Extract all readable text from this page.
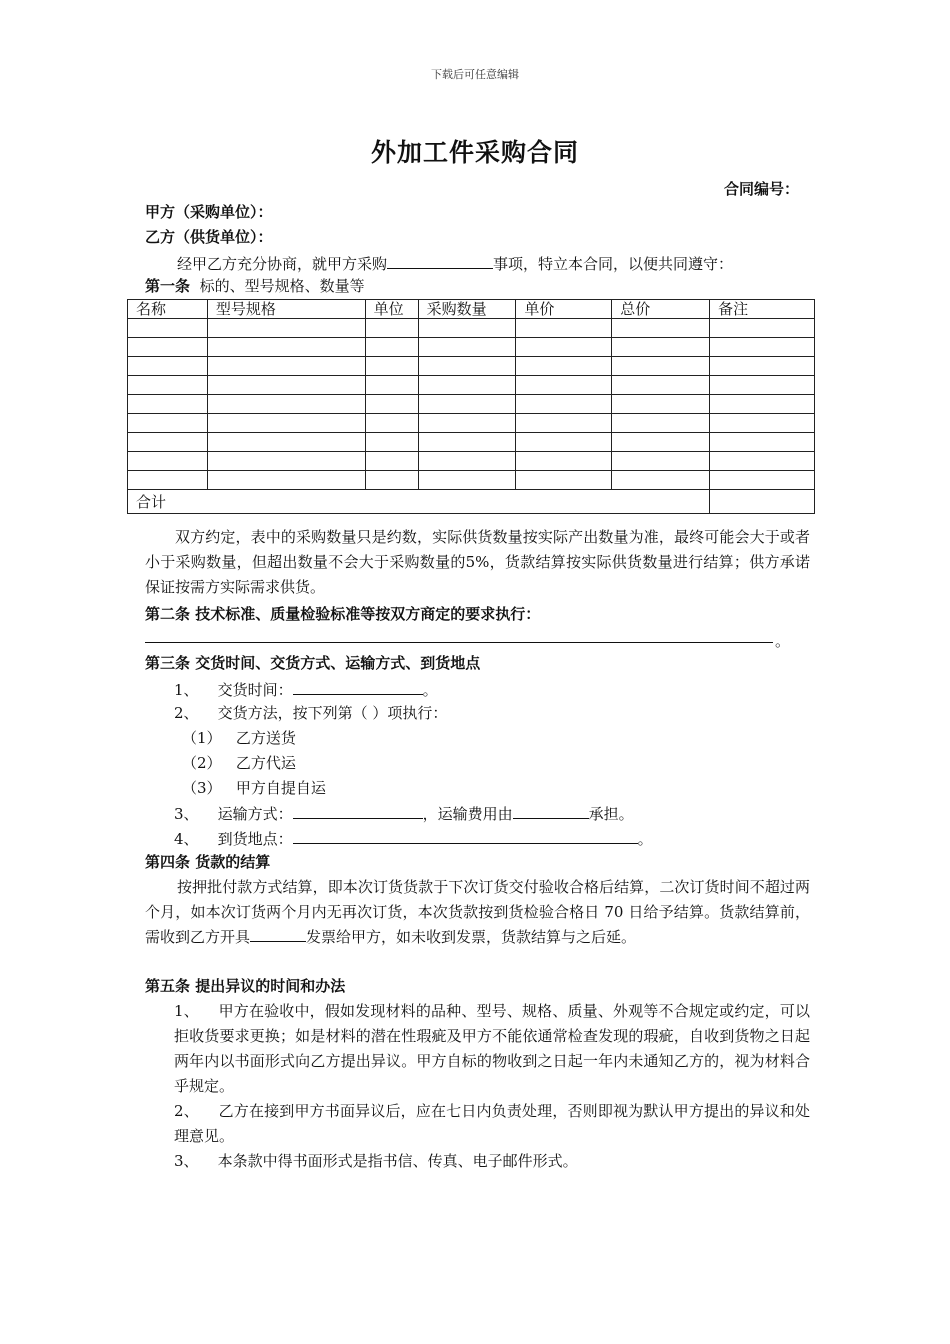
下载后可任意编辑
外加工件采购合同
合同编号：
甲方（采购单位）：
乙方（供货单位）：
经甲乙方充分协商，就甲方采购	事项，特立本合同，以便共同遵守：
第一条 标的、型号规格、数量等
名称	型号规格	单位	采购数量	单价	总价	备注

合计						
双方约定，表中的采购数量只是约数，实际供货数量按实际产出数量为准，最终可能会大于或者小于采购数量，但超出数量不会大于采购数量的5%，货款结算按实际供货数量进行结算；供方承诺保证按需方实际需求供货。
第二条 技术标准、质量检验标准等按双方商定的要求执行：
。
第三条 交货时间、交货方式、运输方式、到货地点
1、 交货时间：	。
2、 交货方法，按下列第（ ）项执行：
（1） 乙方送货
（2） 乙方代运
（3） 甲方自提自运
3、 运输方式：	，运输费用由	承担。
4、 到货地点：	。
第四条 货款的结算
按押批付款方式结算，即本次订货货款于下次订货交付验收合格后结算，二次订货时间不超过两个月，如本次订货两个月内无再次订货，本次货款按到货检验合格日 70 日给予结算。货款结算前，需收到乙方开具	发票给甲方，如未收到发票，货款结算与之后延。
第五条 提出异议的时间和办法
1、 甲方在验收中，假如发现材料的品种、型号、规格、质量、外观等不合规定或约定，可以拒收货要求更换；如是材料的潜在性瑕疵及甲方不能依通常检查发现的瑕疵，自收到货物之日起两年内以书面形式向乙方提出异议。甲方自标的物收到之日起一年内未通知乙方的，视为材料合乎规定。
2、 乙方在接到甲方书面异议后，应在七日内负责处理，否则即视为默认甲方提出的异议和处理意见。
3、 本条款中得书面形式是指书信、传真、电子邮件形式。
